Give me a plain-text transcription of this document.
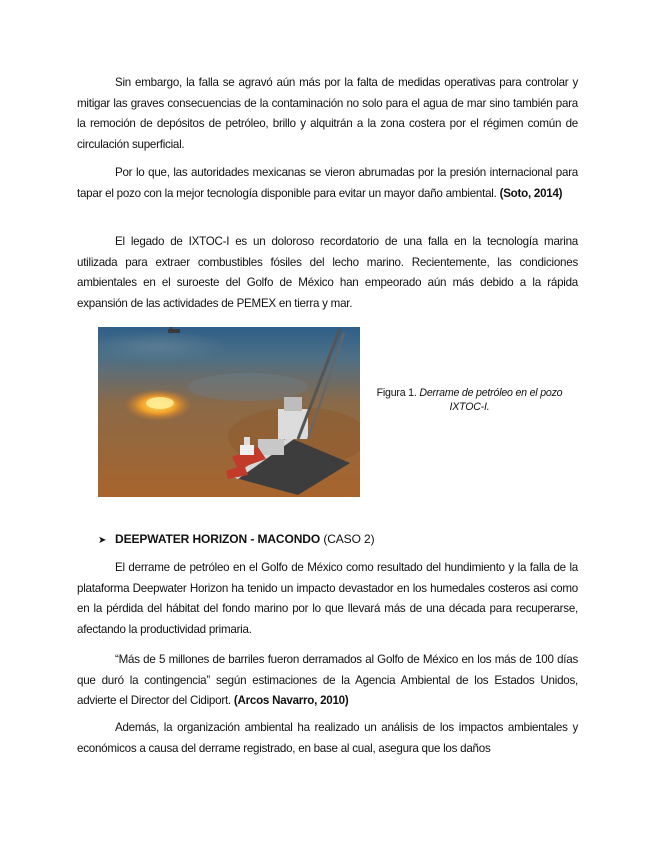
Sin embargo, la falla se agravó aún más por la falta de medidas operativas para controlar y mitigar las graves consecuencias de la contaminación no solo para el agua de mar sino también para la remoción de depósitos de petróleo, brillo y alquitrán a la zona costera por el régimen común de circulación superficial.

Por lo que, las autoridades mexicanas se vieron abrumadas por la presión internacional para tapar el pozo con la mejor tecnología disponible para evitar un mayor daño ambiental. (Soto, 2014)

El legado de IXTOC-I es un doloroso recordatorio de una falla en la tecnología marina utilizada para extraer combustibles fósiles del lecho marino. Recientemente, las condiciones ambientales en el suroeste del Golfo de México han empeorado aún más debido a la rápida expansión de las actividades de PEMEX en tierra y mar.

Figura 1. Derrame de petróleo en el pozo IXTOC-I.
➤ DEEPWATER HORIZON - MACONDO (CASO 2)

El derrame de petróleo en el Golfo de México como resultado del hundimiento y la falla de la plataforma Deepwater Horizon ha tenido un impacto devastador en los humedales costeros asi como en la pérdida del hábitat del fondo marino por lo que llevará más de una década para recuperarse, afectando la productividad primaria.

“Más de 5 millones de barriles fueron derramados al Golfo de México en los más de 100 días que duró la contingencia” según estimaciones de la Agencia Ambiental de los Estados Unidos, advierte el Director del Cidiport. (Arcos Navarro, 2010)

Además, la organización ambiental ha realizado un análisis de los impactos ambientales y económicos a causa del derrame registrado, en base al cual, asegura que los daños
